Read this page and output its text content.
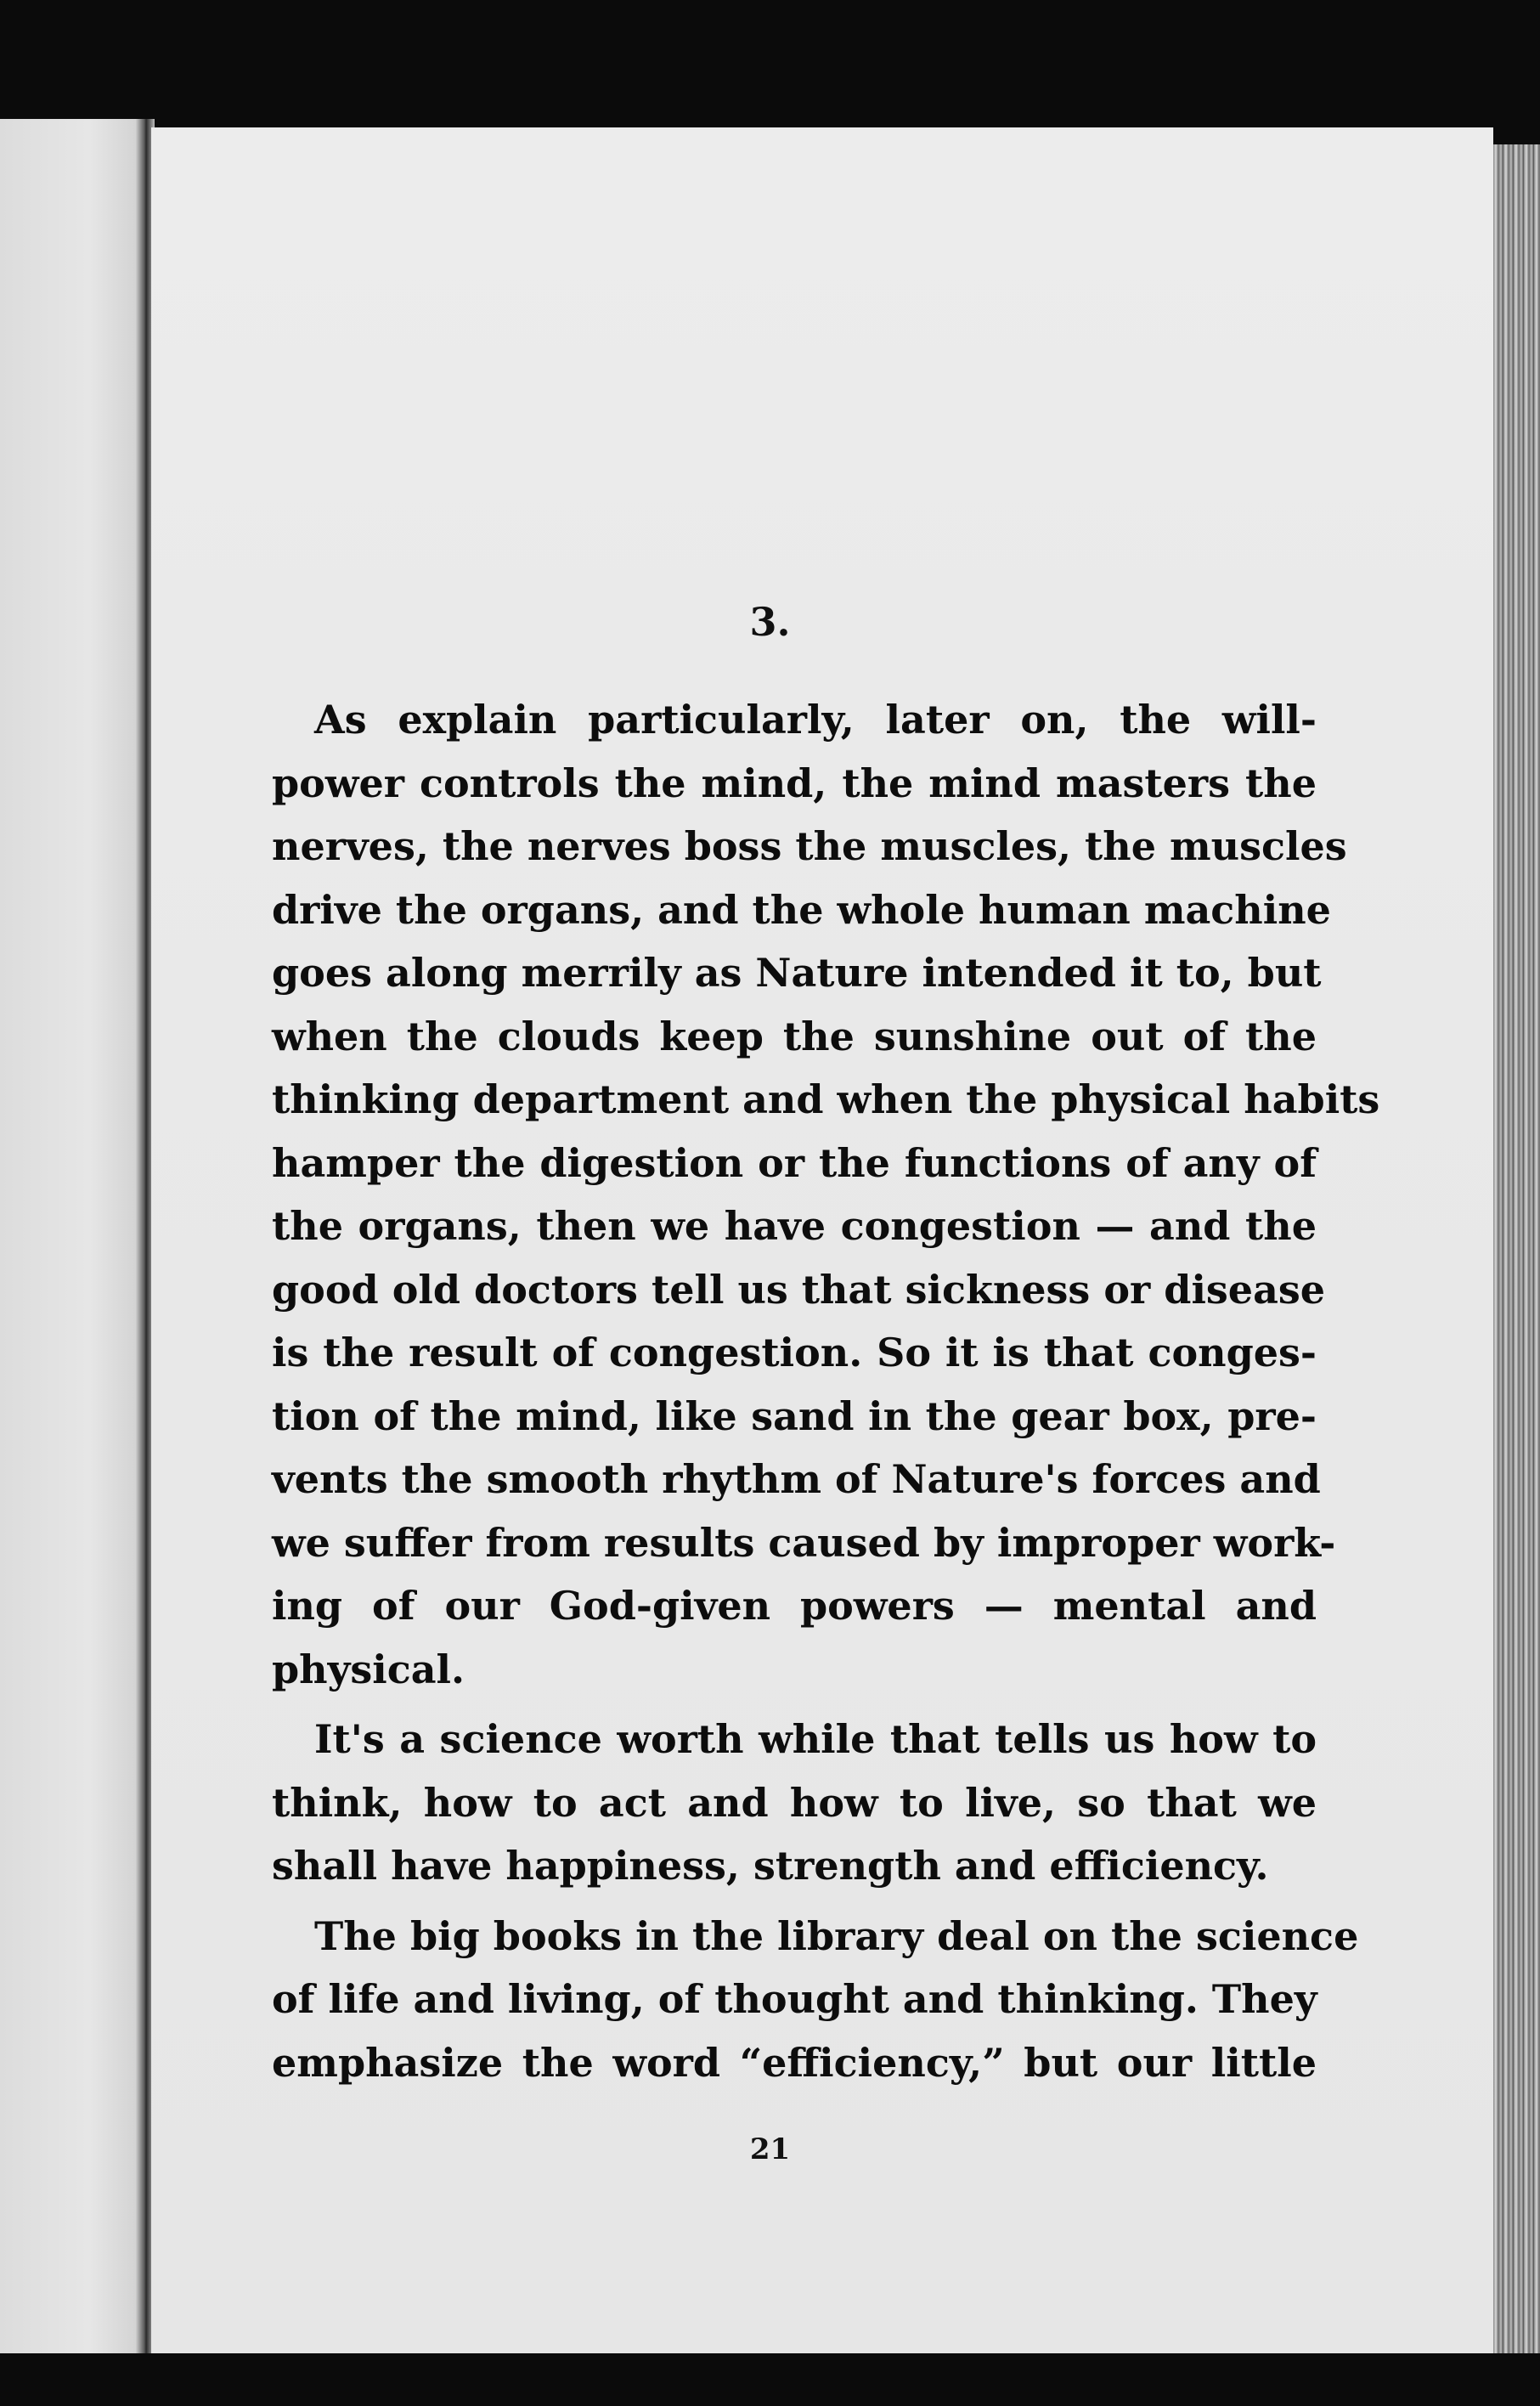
3.
As explain particularly, later on, the will-
power controls the mind, the mind masters the
nerves, the nerves boss the muscles, the muscles
drive the organs, and the whole human machine
goes along merrily as Nature intended it to, but
when the clouds keep the sunshine out of the
thinking department and when the physical habits
hamper the digestion or the functions of any of
the organs, then we have congestion — and the
good old doctors tell us that sickness or disease
is the result of congestion. So it is that conges-
tion of the mind, like sand in the gear box, pre-
vents the smooth rhythm of Nature's forces and
we suffer from results caused by improper work-
ing of our God-given powers — mental and
physical.
It's a science worth while that tells us how to
think, how to act and how to live, so that we
shall have happiness, strength and efficiency.
The big books in the library deal on the science
of life and living, of thought and thinking. They
emphasize the word “efficiency,” but our little
21
